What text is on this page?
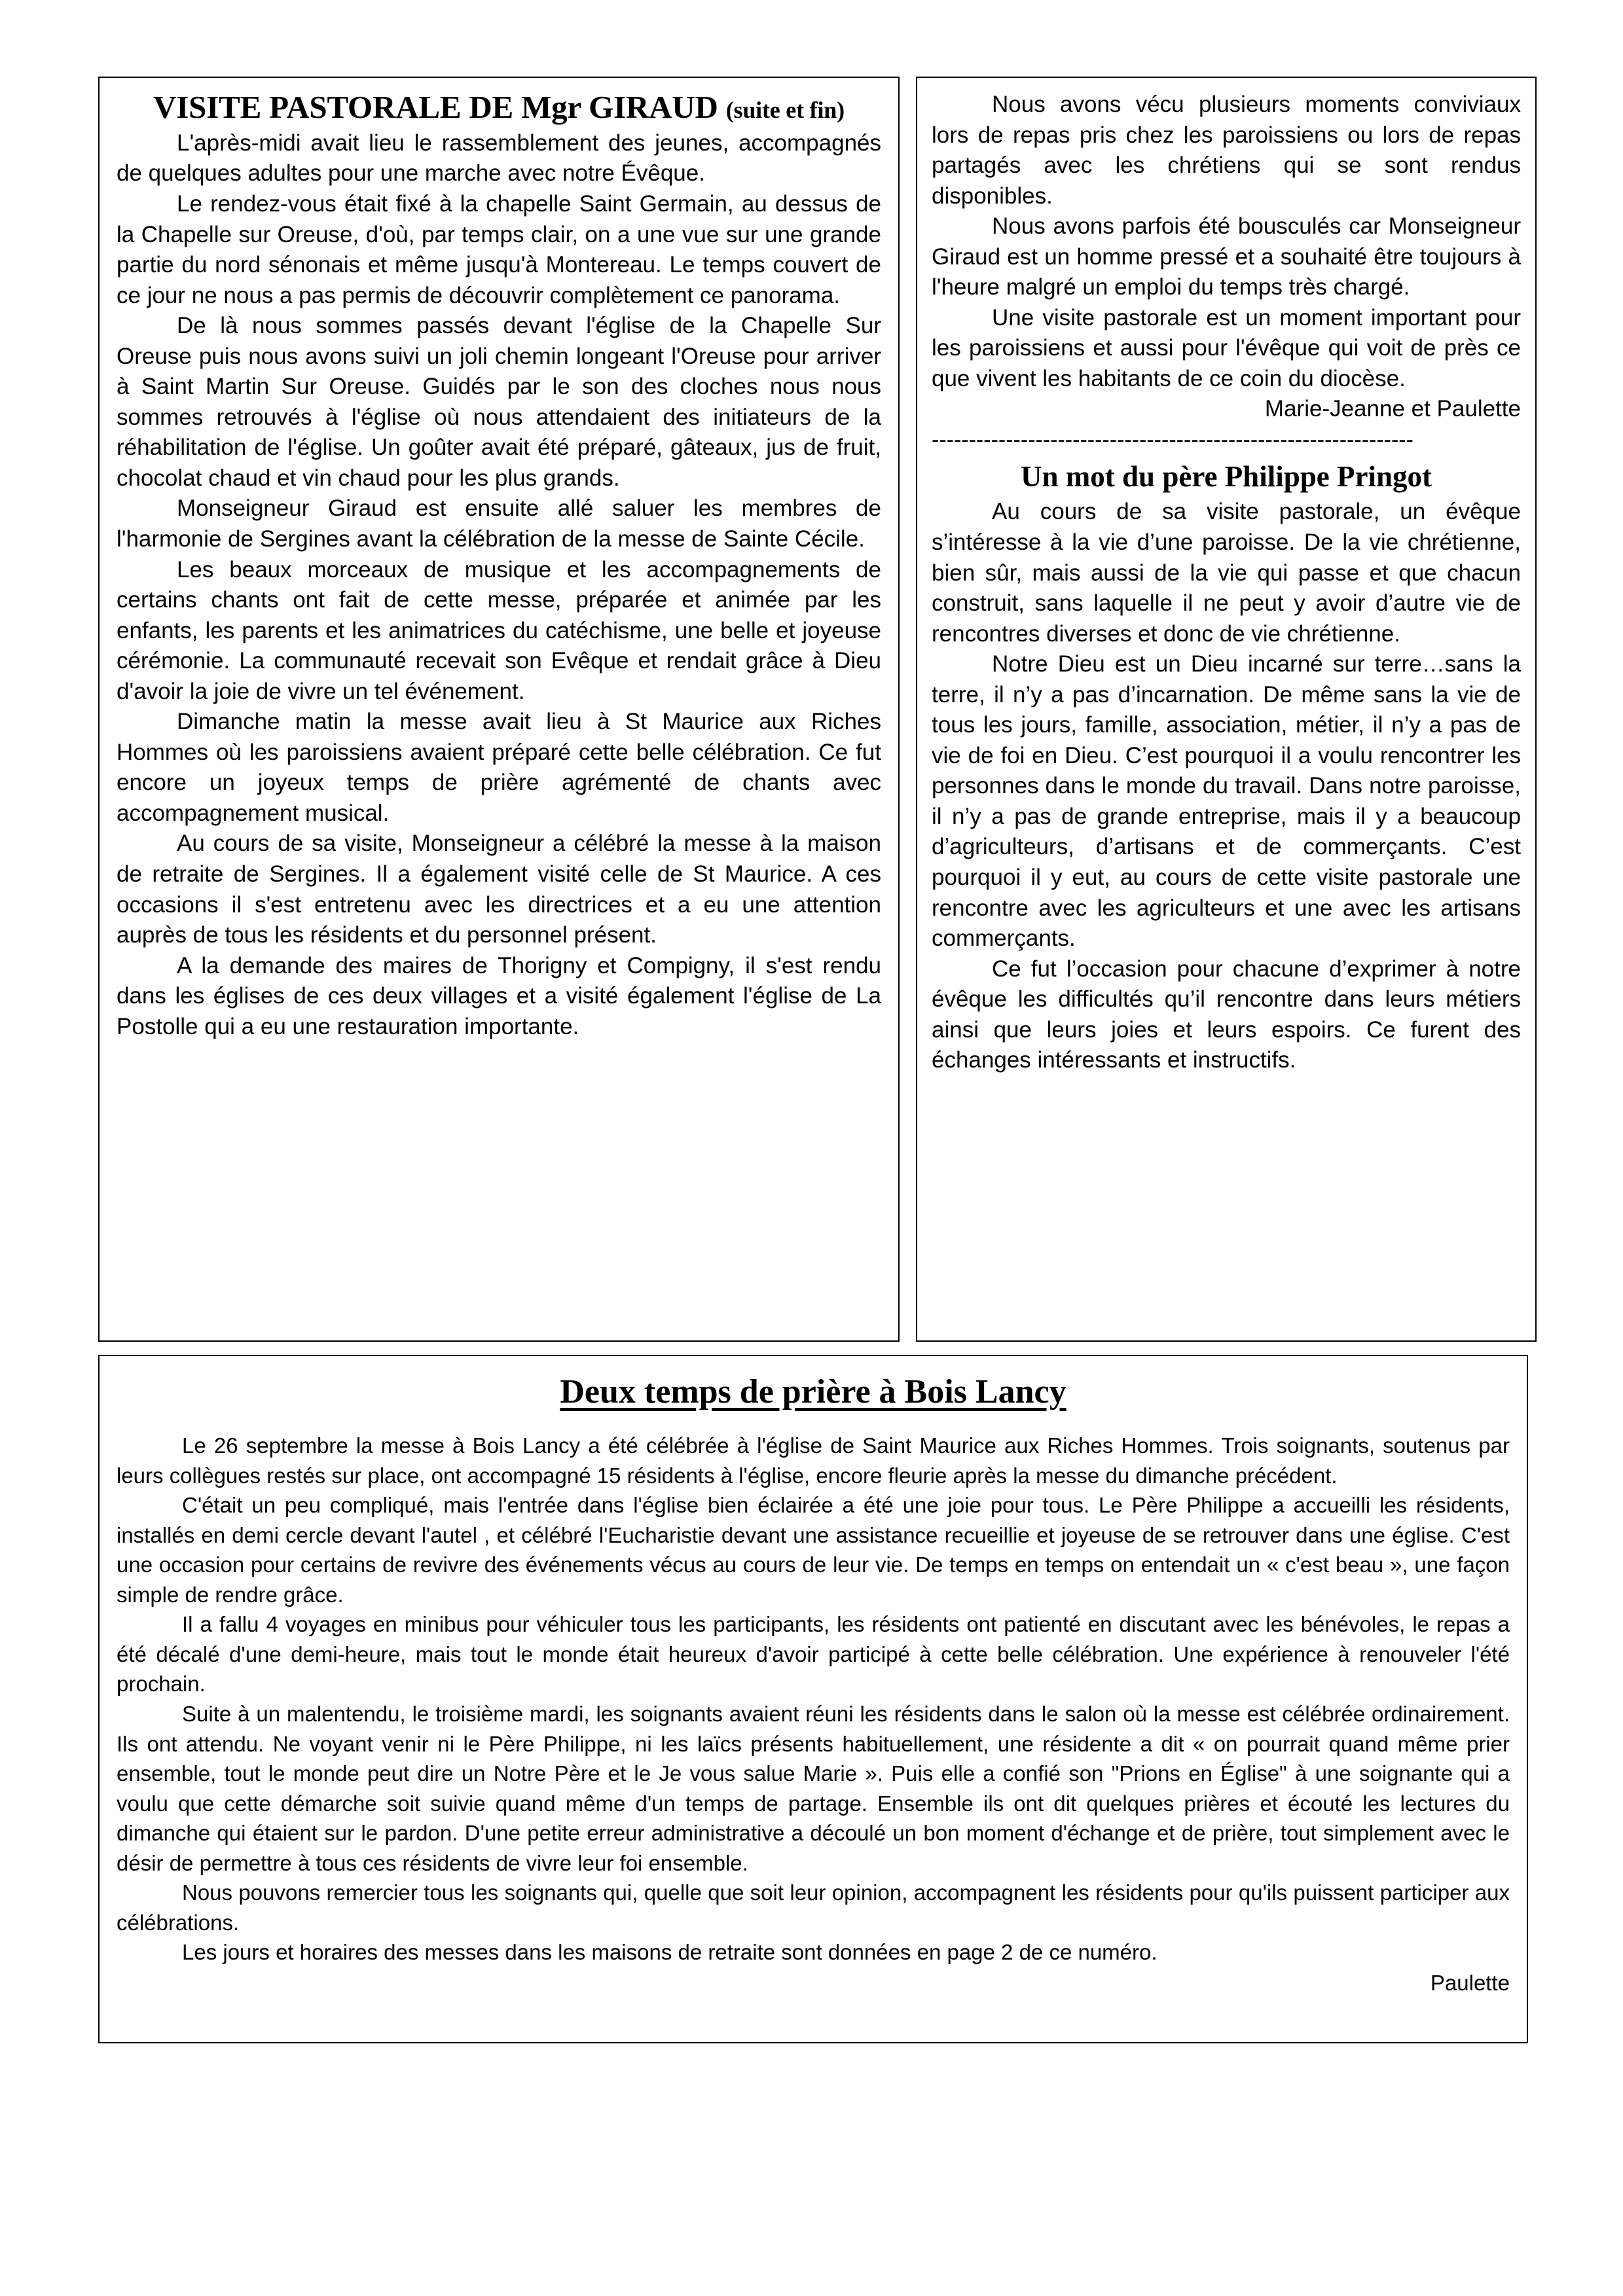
VISITE PASTORALE DE Mgr GIRAUD (suite et fin)

L'après-midi avait lieu le rassemblement des jeunes, accompagnés de quelques adultes pour une marche avec notre Évêque.

Le rendez-vous était fixé à la chapelle Saint Germain, au dessus de la Chapelle sur Oreuse, d'où, par temps clair, on a une vue sur une grande partie du nord sénonais et même jusqu'à Montereau. Le temps couvert de ce jour ne nous a pas permis de découvrir complètement ce panorama.

De là nous sommes passés devant l'église de la Chapelle Sur Oreuse puis nous avons suivi un joli chemin longeant l'Oreuse pour arriver à Saint Martin Sur Oreuse. Guidés par le son des cloches nous nous sommes retrouvés à l'église où nous attendaient des initiateurs de la réhabilitation de l'église. Un goûter avait été préparé, gâteaux, jus de fruit, chocolat chaud et vin chaud pour les plus grands.

Monseigneur Giraud est ensuite allé saluer les membres de l'harmonie de Sergines avant la célébration de la messe de Sainte Cécile.

Les beaux morceaux de musique et les accompagnements de certains chants ont fait de cette messe, préparée et animée par les enfants, les parents et les animatrices du catéchisme, une belle et joyeuse cérémonie. La communauté recevait son Evêque et rendait grâce à Dieu d'avoir la joie de vivre un tel événement.

Dimanche matin la messe avait lieu à St Maurice aux Riches Hommes où les paroissiens avaient préparé cette belle célébration. Ce fut encore un joyeux temps de prière agrémenté de chants avec accompagnement musical.

Au cours de sa visite, Monseigneur a célébré la messe à la maison de retraite de Sergines. Il a également visité celle de St Maurice. A ces occasions il s'est entretenu avec les directrices et a eu une attention auprès de tous les résidents et du personnel présent.

A la demande des maires de Thorigny et Compigny, il s'est rendu dans les églises de ces deux villages et a visité également l'église de La Postolle qui a eu une restauration importante.

Nous avons vécu plusieurs moments conviviaux lors de repas pris chez les paroissiens ou lors de repas partagés avec les chrétiens qui se sont rendus disponibles.

Nous avons parfois été bousculés car Monseigneur Giraud est un homme pressé et a souhaité être toujours à l'heure malgré un emploi du temps très chargé.

Une visite pastorale est un moment important pour les paroissiens et aussi pour l'évêque qui voit de près ce que vivent les habitants de ce coin du diocèse.

Marie-Jeanne et Paulette

-----------------------------------------------------------------
Un mot du père Philippe Pringot

Au cours de sa visite pastorale, un évêque s’intéresse à la vie d’une paroisse. De la vie chrétienne, bien sûr, mais aussi de la vie qui passe et que chacun construit, sans laquelle il ne peut y avoir d’autre vie de rencontres diverses et donc de vie chrétienne.

Notre Dieu est un Dieu incarné sur terre…sans la terre, il n’y a pas d’incarnation. De même sans la vie de tous les jours, famille, association, métier, il n’y a pas de vie de foi en Dieu. C’est pourquoi il a voulu rencontrer les personnes dans le monde du travail. Dans notre paroisse, il n’y a pas de grande entreprise, mais il y a beaucoup d’agriculteurs, d’artisans et de commerçants. C’est pourquoi il y eut, au cours de cette visite pastorale une rencontre avec les agriculteurs et une avec les artisans commerçants.

Ce fut l’occasion pour chacune d’exprimer à notre évêque les difficultés qu’il rencontre dans leurs métiers ainsi que leurs joies et leurs espoirs. Ce furent des échanges intéressants et instructifs.

Deux temps de prière à Bois Lancy

Le 26 septembre la messe à Bois Lancy a été célébrée à l'église de Saint Maurice aux Riches Hommes. Trois soignants, soutenus par leurs collègues restés sur place, ont accompagné 15 résidents à l'église, encore fleurie après la messe du dimanche précédent.

C'était un peu compliqué, mais l'entrée dans l'église bien éclairée a été une joie pour tous. Le Père Philippe a accueilli les résidents, installés en demi cercle devant l'autel , et célébré l'Eucharistie devant une assistance recueillie et joyeuse de se retrouver dans une église. C'est une occasion pour certains de revivre des événements vécus au cours de leur vie. De temps en temps on entendait un « c'est beau », une façon simple de rendre grâce.

Il a fallu 4 voyages en minibus pour véhiculer tous les participants, les résidents ont patienté en discutant avec les bénévoles, le repas a été décalé d'une demi-heure, mais tout le monde était heureux d'avoir participé à cette belle célébration. Une expérience à renouveler l'été prochain.

Suite à un malentendu, le troisième mardi, les soignants avaient réuni les résidents dans le salon où la messe est célébrée ordinairement. Ils ont attendu. Ne voyant venir ni le Père Philippe, ni les laïcs présents habituellement, une résidente a dit « on pourrait quand même prier ensemble, tout le monde peut dire un Notre Père et le Je vous salue Marie ». Puis elle a confié son "Prions en Église" à une soignante qui a voulu que cette démarche soit suivie quand même d'un temps de partage. Ensemble ils ont dit quelques prières et écouté les lectures du dimanche qui étaient sur le pardon. D'une petite erreur administrative a découlé un bon moment d'échange et de prière, tout simplement avec le désir de permettre à tous ces résidents de vivre leur foi ensemble.

Nous pouvons remercier tous les soignants qui, quelle que soit leur opinion, accompagnent les résidents pour qu'ils puissent participer aux célébrations.

Les jours et horaires des messes dans les maisons de retraite sont données en page 2 de ce numéro.

Paulette
